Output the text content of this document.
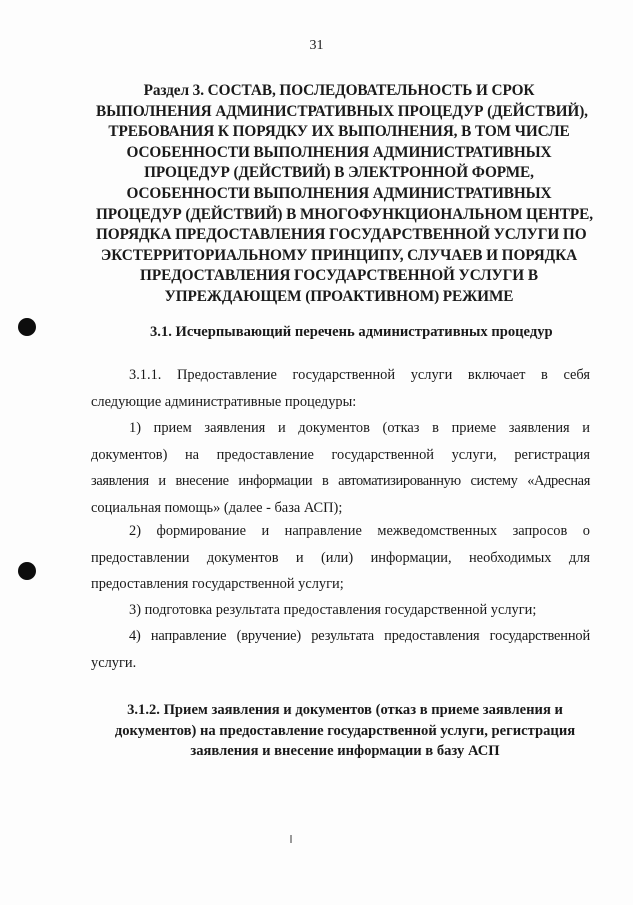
31
Раздел 3. СОСТАВ, ПОСЛЕДОВАТЕЛЬНОСТЬ И СРОК
ВЫПОЛНЕНИЯ АДМИНИСТРАТИВНЫХ ПРОЦЕДУР (ДЕЙСТВИЙ),
ТРЕБОВАНИЯ К ПОРЯДКУ ИХ ВЫПОЛНЕНИЯ, В ТОМ ЧИСЛЕ
ОСОБЕННОСТИ ВЫПОЛНЕНИЯ АДМИНИСТРАТИВНЫХ
ПРОЦЕДУР (ДЕЙСТВИЙ) В ЭЛЕКТРОННОЙ ФОРМЕ,
ОСОБЕННОСТИ ВЫПОЛНЕНИЯ АДМИНИСТРАТИВНЫХ
ПРОЦЕДУР (ДЕЙСТВИЙ) В МНОГОФУНКЦИОНАЛЬНОМ ЦЕНТРЕ,
ПОРЯДКА ПРЕДОСТАВЛЕНИЯ ГОСУДАРСТВЕННОЙ УСЛУГИ ПО
ЭКСТЕРРИТОРИАЛЬНОМУ ПРИНЦИПУ, СЛУЧАЕВ И ПОРЯДКА
ПРЕДОСТАВЛЕНИЯ ГОСУДАРСТВЕННОЙ УСЛУГИ В
УПРЕЖДАЮЩЕМ (ПРОАКТИВНОМ) РЕЖИМЕ
3.1. Исчерпывающий перечень административных процедур
3.1.1. Предоставление государственной услуги включает в себя
следующие административные процедуры:
1) прием заявления и документов (отказ в приеме заявления и
документов) на предоставление государственной услуги, регистрация
заявления и внесение информации в автоматизированную систему «Адресная
социальная помощь» (далее - база АСП);
2) формирование и направление межведомственных запросов о
предоставлении документов и (или) информации, необходимых для
предоставления государственной услуги;
3) подготовка результата предоставления государственной услуги;
4) направление (вручение) результата предоставления государственной
услуги.
3.1.2. Прием заявления и документов (отказ в приеме заявления и
документов) на предоставление государственной услуги, регистрация
заявления и внесение информации в базу АСП
